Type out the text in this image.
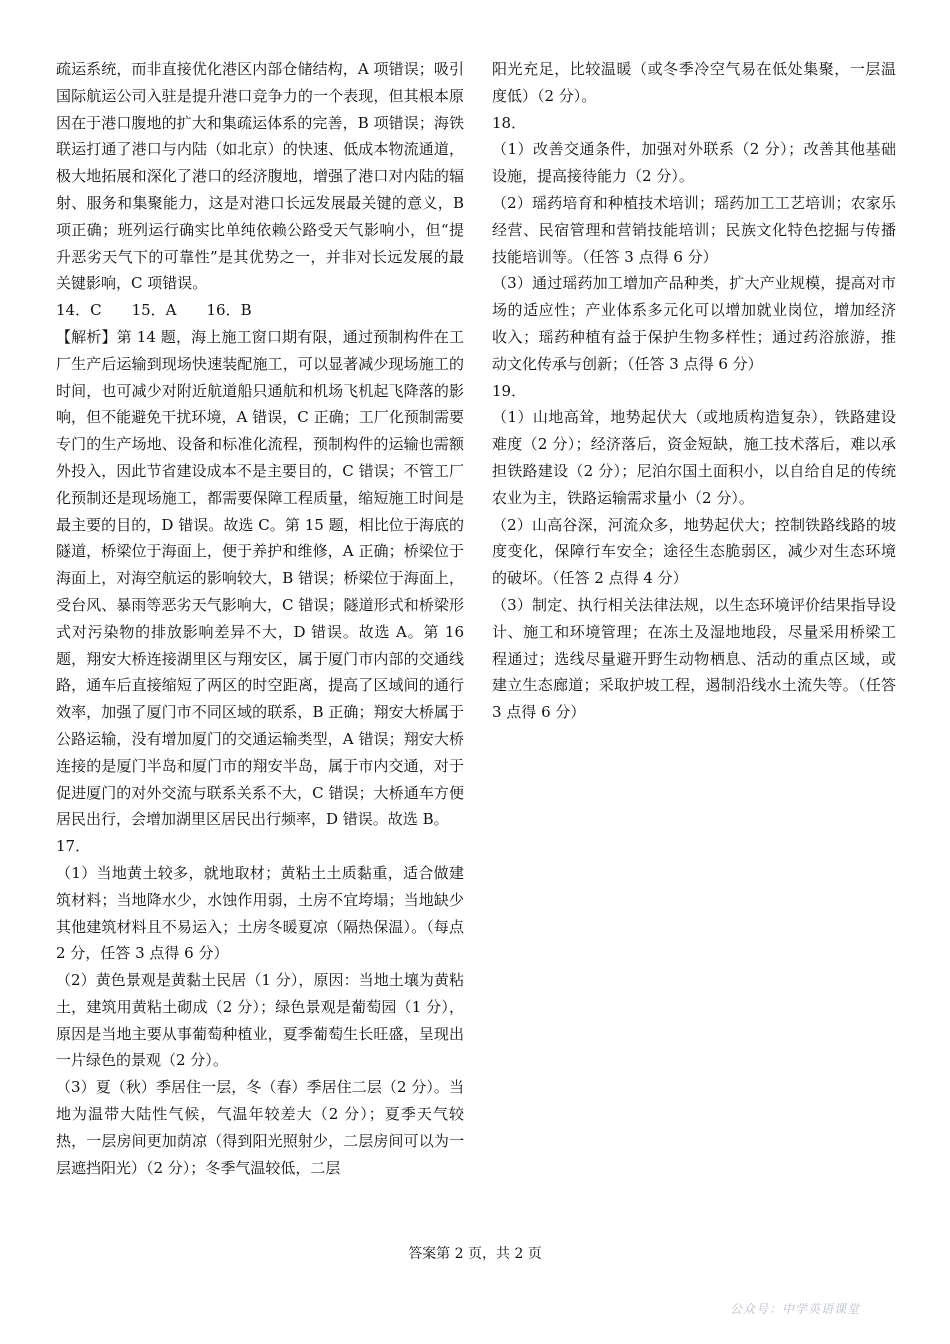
疏运系统，而非直接优化港区内部仓储结构，A 项错误；吸引国际航运公司入驻是提升港口竞争力的一个表现，但其根本原因在于港口腹地的扩大和集疏运体系的完善，B 项错误；海铁联运打通了港口与内陆（如北京）的快速、低成本物流通道，极大地拓展和深化了港口的经济腹地，增强了港口对内陆的辐射、服务和集聚能力，这是对港口长远发展最关键的意义，B 项正确；班列运行确实比单纯依赖公路受天气影响小，但“提升恶劣天气下的可靠性”是其优势之一，并非对长远发展的最关键影响，C 项错误。

14．C　　15．A　　16．B

【解析】第 14 题，海上施工窗口期有限，通过预制构件在工厂生产后运输到现场快速装配施工，可以显著减少现场施工的时间，也可减少对附近航道船只通航和机场飞机起飞降落的影响，但不能避免干扰环境，A 错误，C 正确；工厂化预制需要专门的生产场地、设备和标准化流程，预制构件的运输也需额外投入，因此节省建设成本不是主要目的，C 错误；不管工厂化预制还是现场施工，都需要保障工程质量，缩短施工时间是最主要的目的，D 错误。故选 C。第 15 题，相比位于海底的隧道，桥梁位于海面上，便于养护和维修，A 正确；桥梁位于海面上，对海空航运的影响较大，B 错误；桥梁位于海面上，受台风、暴雨等恶劣天气影响大，C 错误；隧道形式和桥梁形式对污染物的排放影响差异不大，D 错误。故选 A。第 16 题，翔安大桥连接湖里区与翔安区，属于厦门市内部的交通线路，通车后直接缩短了两区的时空距离，提高了区域间的通行效率，加强了厦门市不同区域的联系，B 正确；翔安大桥属于公路运输，没有增加厦门的交通运输类型，A 错误；翔安大桥连接的是厦门半岛和厦门市的翔安半岛，属于市内交通，对于促进厦门的对外交流与联系关系不大，C 错误；大桥通车方便居民出行，会增加湖里区居民出行频率，D 错误。故选 B。

17．

（1）当地黄土较多，就地取材；黄粘土土质黏重，适合做建筑材料；当地降水少，水蚀作用弱，土房不宜垮塌；当地缺少其他建筑材料且不易运入；土房冬暖夏凉（隔热保温）。（每点 2 分，任答 3 点得 6 分）

（2）黄色景观是黄黏土民居（1 分），原因：当地土壤为黄粘土，建筑用黄粘土砌成（2 分）；绿色景观是葡萄园（1 分），原因是当地主要从事葡萄种植业，夏季葡萄生长旺盛，呈现出一片绿色的景观（2 分）。

（3）夏（秋）季居住一层，冬（春）季居住二层（2 分）。当地为温带大陆性气候，气温年较差大（2 分）；夏季天气较热，一层房间更加荫凉（得到阳光照射少，二层房间可以为一层遮挡阳光）（2 分）；冬季气温较低，二层

阳光充足，比较温暖（或冬季冷空气易在低处集聚，一层温度低）（2 分）。

18．

（1）改善交通条件，加强对外联系（2 分）；改善其他基础设施，提高接待能力（2 分）。

（2）瑶药培育和种植技术培训；瑶药加工工艺培训；农家乐经营、民宿管理和营销技能培训；民族文化特色挖掘与传播技能培训等。（任答 3 点得 6 分）

（3）通过瑶药加工增加产品种类，扩大产业规模，提高对市场的适应性；产业体系多元化可以增加就业岗位，增加经济收入；瑶药种植有益于保护生物多样性；通过药浴旅游，推动文化传承与创新；（任答 3 点得 6 分）

19．

（1）山地高耸，地势起伏大（或地质构造复杂），铁路建设难度（2 分）；经济落后，资金短缺，施工技术落后，难以承担铁路建设（2 分）；尼泊尔国土面积小，以自给自足的传统农业为主，铁路运输需求量小（2 分）。

（2）山高谷深，河流众多，地势起伏大；控制铁路线路的坡度变化，保障行车安全；途径生态脆弱区，减少对生态环境的破坏。（任答 2 点得 4 分）

（3）制定、执行相关法律法规，以生态环境评价结果指导设计、施工和环境管理；在冻土及湿地地段，尽量采用桥梁工程通过；选线尽量避开野生动物栖息、活动的重点区域，或建立生态廊道；采取护坡工程，遏制沿线水土流失等。（任答 3 点得 6 分）

答案第 2 页，共 2 页
公众号：中学英语课堂
